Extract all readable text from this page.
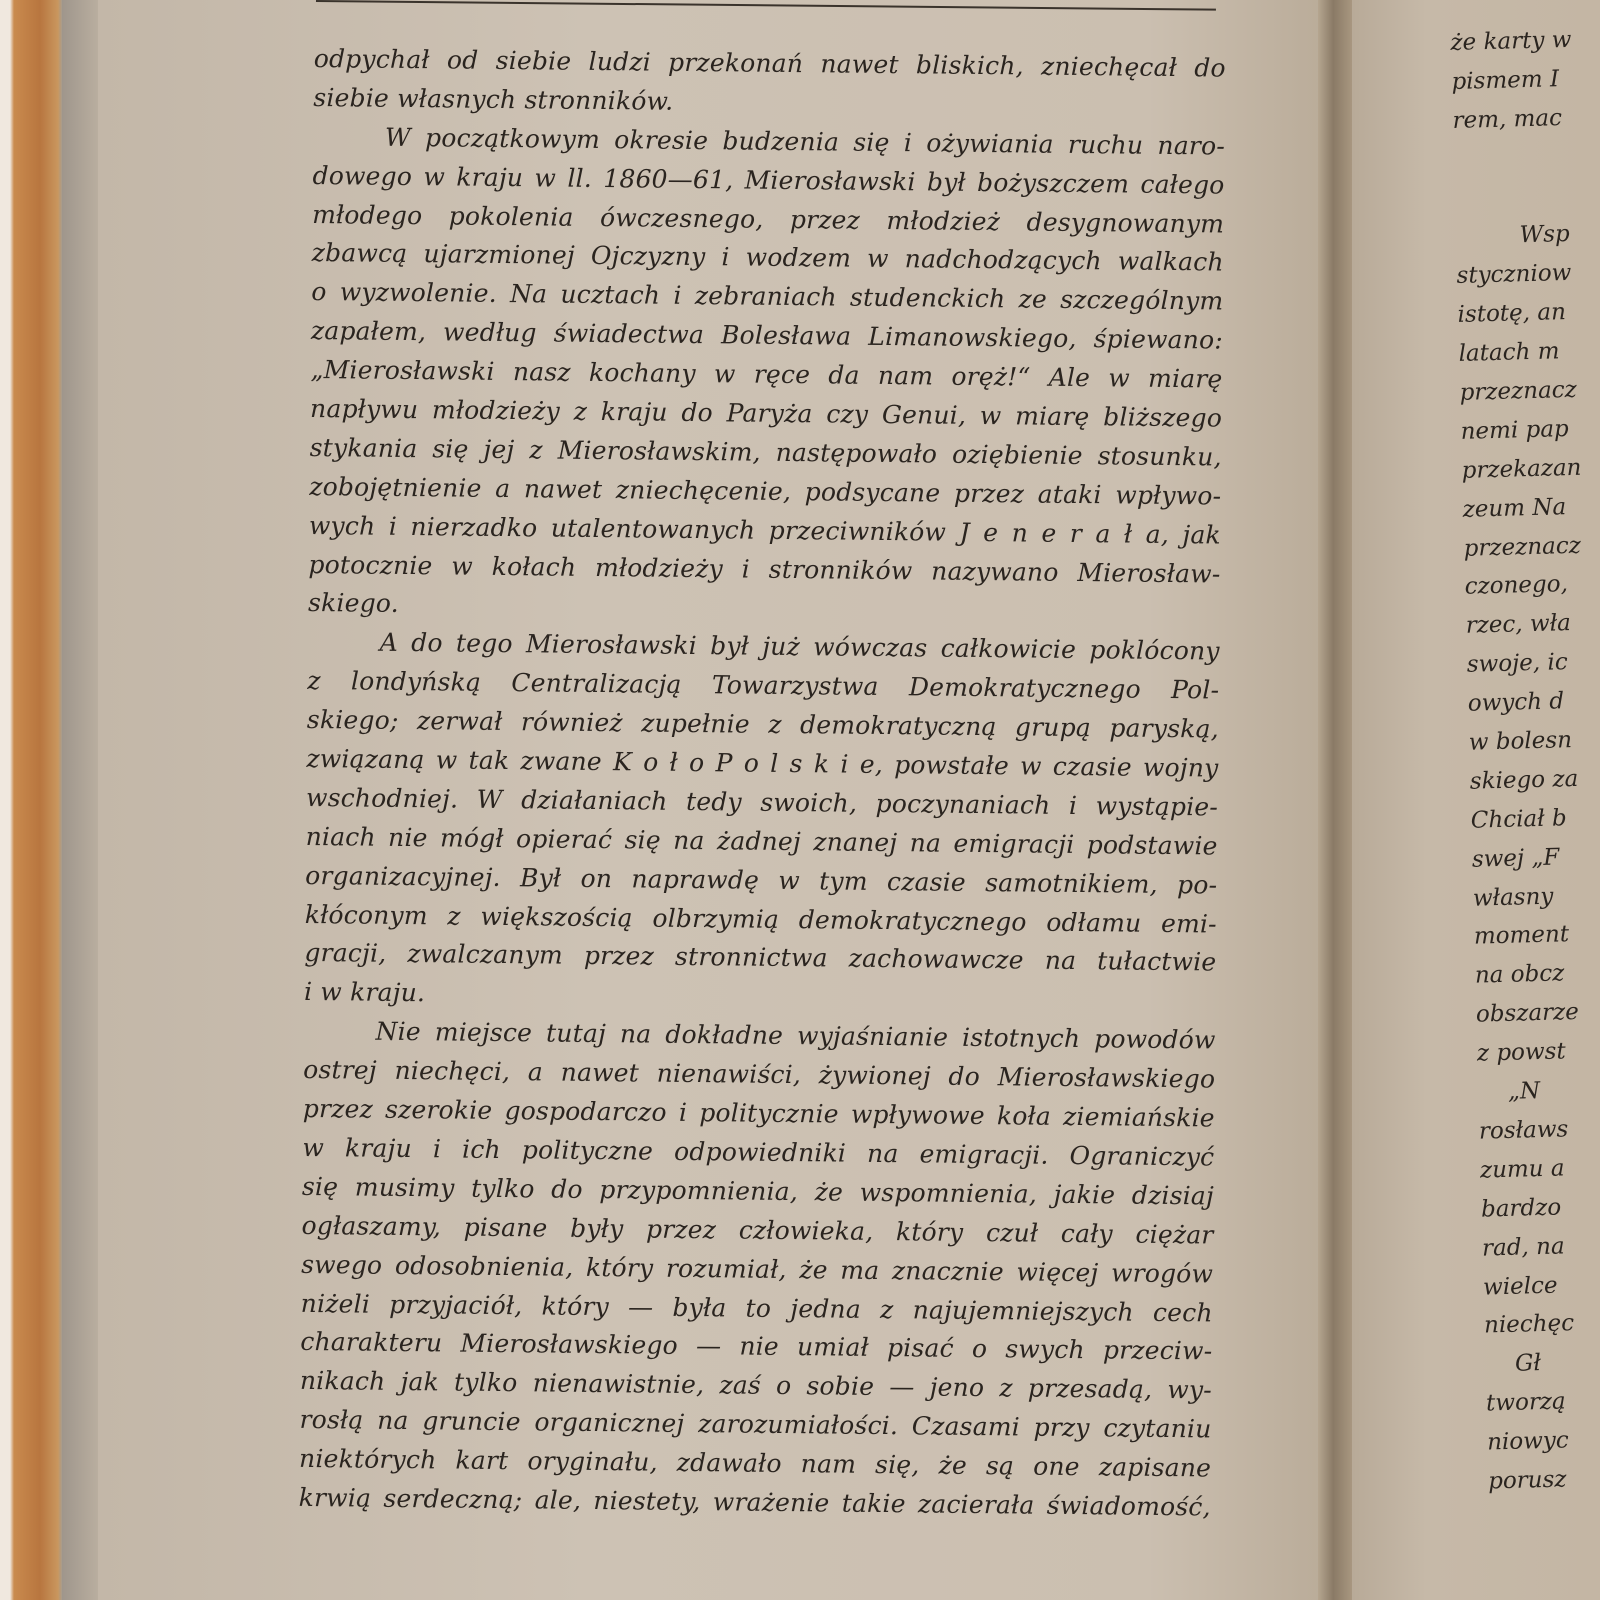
odpychał od siebie ludzi przekonań nawet bliskich, zniechęcał do
siebie własnych stronników.
W początkowym okresie budzenia się i ożywiania ruchu naro-
dowego w kraju w ll. 1860—61, Mierosławski był bożyszczem całego
młodego pokolenia ówczesnego, przez młodzież desygnowanym
zbawcą ujarzmionej Ojczyzny i wodzem w nadchodzących walkach
o wyzwolenie. Na ucztach i zebraniach studenckich ze szczególnym
zapałem, według świadectwa Bolesława Limanowskiego, śpiewano:
„Mierosławski nasz kochany w ręce da nam oręż!“ Ale w miarę
napływu młodzieży z kraju do Paryża czy Genui, w miarę bliższego
stykania się jej z Mierosławskim, następowało oziębienie stosunku,
zobojętnienie a nawet zniechęcenie, podsycane przez ataki wpływo-
wych i nierzadko utalentowanych przeciwników J e n e r a ł a, jak
potocznie w kołach młodzieży i stronników nazywano Mierosław-
skiego.
A do tego Mierosławski był już wówczas całkowicie poklócony
z londyńską Centralizacją Towarzystwa Demokratycznego Pol-
skiego; zerwał również zupełnie z demokratyczną grupą paryską,
związaną w tak zwane K o ł o P o l s k i e, powstałe w czasie wojny
wschodniej. W działaniach tedy swoich, poczynaniach i wystąpie-
niach nie mógł opierać się na żadnej znanej na emigracji podstawie
organizacyjnej. Był on naprawdę w tym czasie samotnikiem, po-
kłóconym z większością olbrzymią demokratycznego odłamu emi-
gracji, zwalczanym przez stronnictwa zachowawcze na tułactwie
i w kraju.
Nie miejsce tutaj na dokładne wyjaśnianie istotnych powodów
ostrej niechęci, a nawet nienawiści, żywionej do Mierosławskiego
przez szerokie gospodarczo i politycznie wpływowe koła ziemiańskie
w kraju i ich polityczne odpowiedniki na emigracji. Ograniczyć
się musimy tylko do przypomnienia, że wspomnienia, jakie dzisiaj
ogłaszamy, pisane były przez człowieka, który czuł cały ciężar
swego odosobnienia, który rozumiał, że ma znacznie więcej wrogów
niżeli przyjaciół, który — była to jedna z najujemniejszych cech
charakteru Mierosławskiego — nie umiał pisać o swych przeciw-
nikach jak tylko nienawistnie, zaś o sobie — jeno z przesadą, wy-
rosłą na gruncie organicznej zarozumiałości. Czasami przy czytaniu
niektórych kart oryginału, zdawało nam się, że są one zapisane
krwią serdeczną; ale, niestety, wrażenie takie zacierała świadomość,
że karty w
pismem I
rem, mac
Wsp
styczniow
istotę, an
latach m
przeznacz
nemi pap
przekazan
zeum Na
przeznacz
czonego,
rzec, wła
swoje, ic
owych d
w bolesn
skiego za
Chciał b
swej „F
własny
moment
na obcz
obszarze
z powst
„N
rosławs
zumu a
bardzo
rad, na
wielce
niechęc
Gł
tworzą
niowyc
porusz
